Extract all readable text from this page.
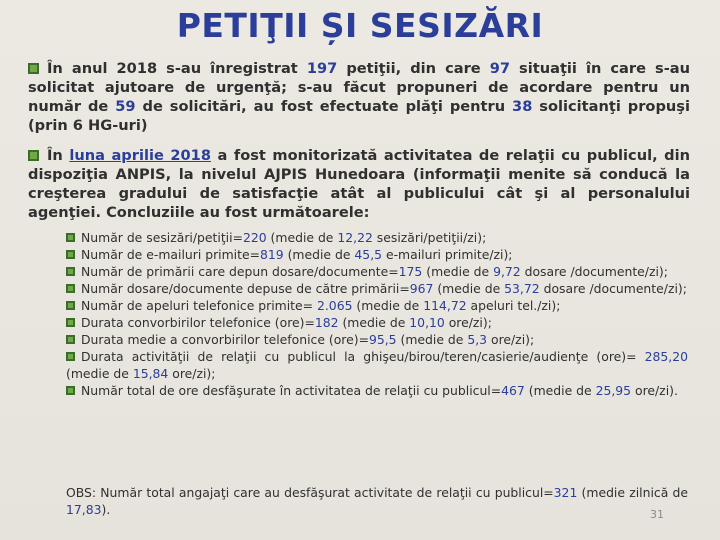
PETIŢII ȘI SESIZĂRI
În anul 2018 s-au înregistrat 197 petiţii, din care 97 situaţii în care s-au solicitat ajutoare de urgenţă; s-au făcut propuneri de acordare pentru un număr de 59 de solicitări, au fost efectuate plăţi pentru 38 solicitanţi propuşi (prin 6 HG-uri)
În luna aprilie 2018 a fost monitorizată activitatea de relaţii cu publicul, din dispoziţia ANPIS, la nivelul AJPIS Hunedoara (informaţii menite să conducă la creşterea gradului de satisfacţie atât al publicului cât şi al personalului agenţiei. Concluziile au fost următoarele:
Număr de sesizări/petiţii=220 (medie de 12,22 sesizări/petiţii/zi);
Număr de e-mailuri primite=819 (medie de 45,5 e-mailuri primite/zi);
Număr de primării care depun dosare/documente=175 (medie de 9,72 dosare /documente/zi);
Număr dosare/documente depuse de către primării=967 (medie de 53,72 dosare /documente/zi);
Număr de apeluri telefonice primite= 2.065 (medie de 114,72 apeluri tel./zi);
Durata convorbirilor telefonice (ore)=182 (medie de 10,10 ore/zi);
Durata medie a convorbirilor telefonice (ore)=95,5 (medie de 5,3 ore/zi);
Durata activităţii de relaţii cu publicul la ghişeu/birou/teren/casierie/audienţe (ore)= 285,20 (medie de 15,84 ore/zi);
Număr total de ore desfăşurate în activitatea de relaţii cu publicul=467 (medie de 25,95 ore/zi).
OBS: Număr total angajaţi care au desfăşurat activitate de relaţii cu publicul=321 (medie zilnică de 17,83).	31
